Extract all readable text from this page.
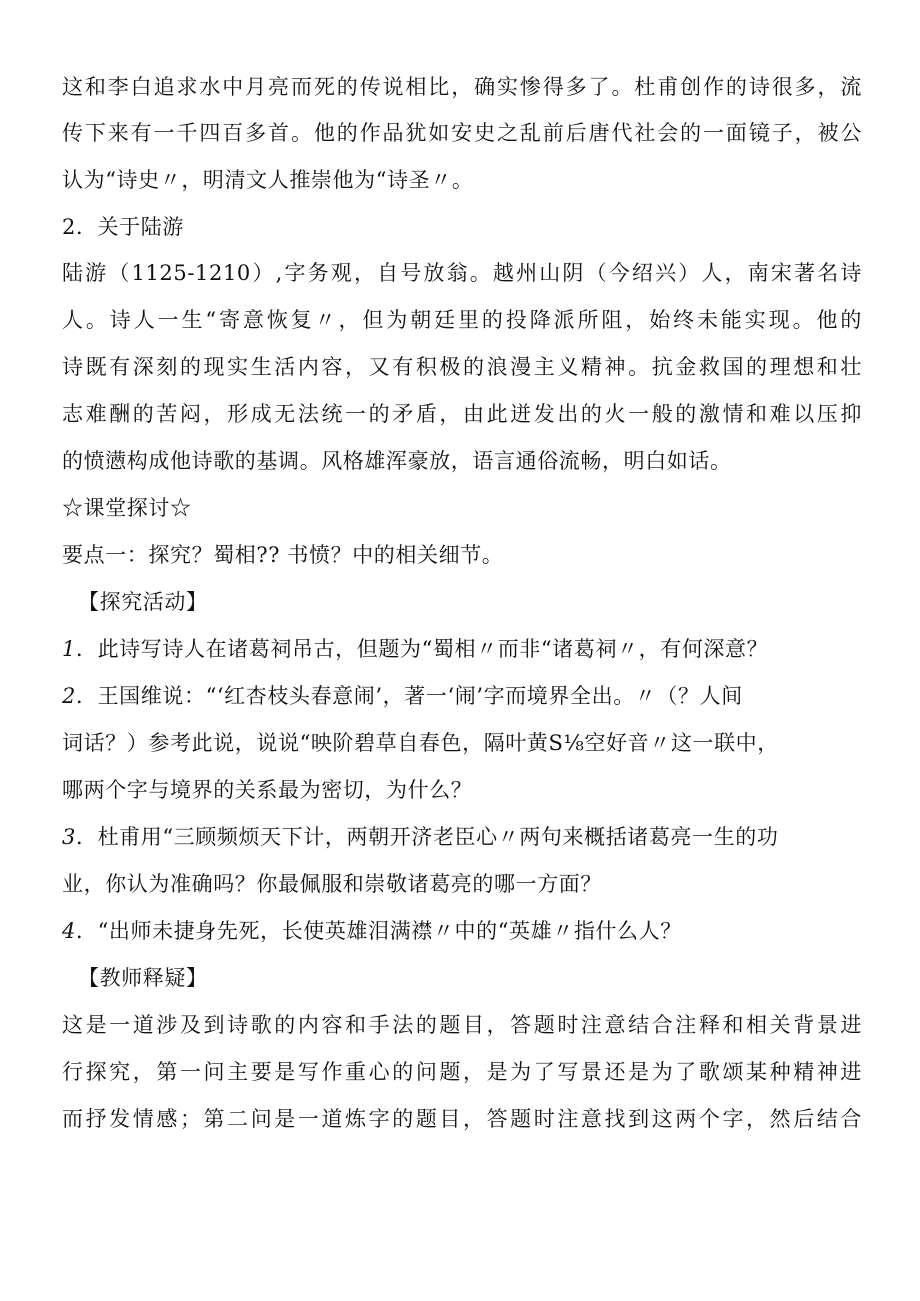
这和李白追求水中月亮而死的传说相比，确实惨得多了。杜甫创作的诗很多，流
传下来有一千四百多首。他的作品犹如安史之乱前后唐代社会的一面镜子，被公
认为“诗史〃，明清文人推崇他为“诗圣〃。
2．关于陆游
陆游（1125-1210）,字务观，自号放翁。越州山阴（今绍兴）人，南宋著名诗
人。诗人一生“寄意恢复〃，但为朝廷里的投降派所阻，始终未能实现。他的
诗既有深刻的现实生活内容，又有积极的浪漫主义精神。抗金救国的理想和壮
志难酬的苦闷，形成无法统一的矛盾，由此迸发出的火一般的激情和难以压抑
的愤懑构成他诗歌的基调。风格雄浑豪放，语言通俗流畅，明白如话。
☆课堂探讨☆
要点一：探究？蜀相?? 书愤？中的相关细节。
【探究活动】
1．此诗写诗人在诸葛祠吊古，但题为“蜀相〃而非“诸葛祠〃，有何深意？
2．王国维说：“‘红杏枝头春意闹’，著一‘闹’字而境界全出。〃（？人间
词话？）参考此说，说说“映阶碧草自春色，隔叶黄S⅛空好音〃这一联中，
哪两个字与境界的关系最为密切，为什么？
3．杜甫用“三顾频烦天下计，两朝开济老臣心〃两句来概括诸葛亮一生的功
业，你认为准确吗？你最佩服和崇敬诸葛亮的哪一方面？
4．“出师未捷身先死，长使英雄泪满襟〃中的“英雄〃指什么人？
【教师释疑】
这是一道涉及到诗歌的内容和手法的题目，答题时注意结合注释和相关背景进
行探究，第一问主要是写作重心的问题，是为了写景还是为了歌颂某种精神进
而抒发情感；第二问是一道炼字的题目，答题时注意找到这两个字，然后结合
